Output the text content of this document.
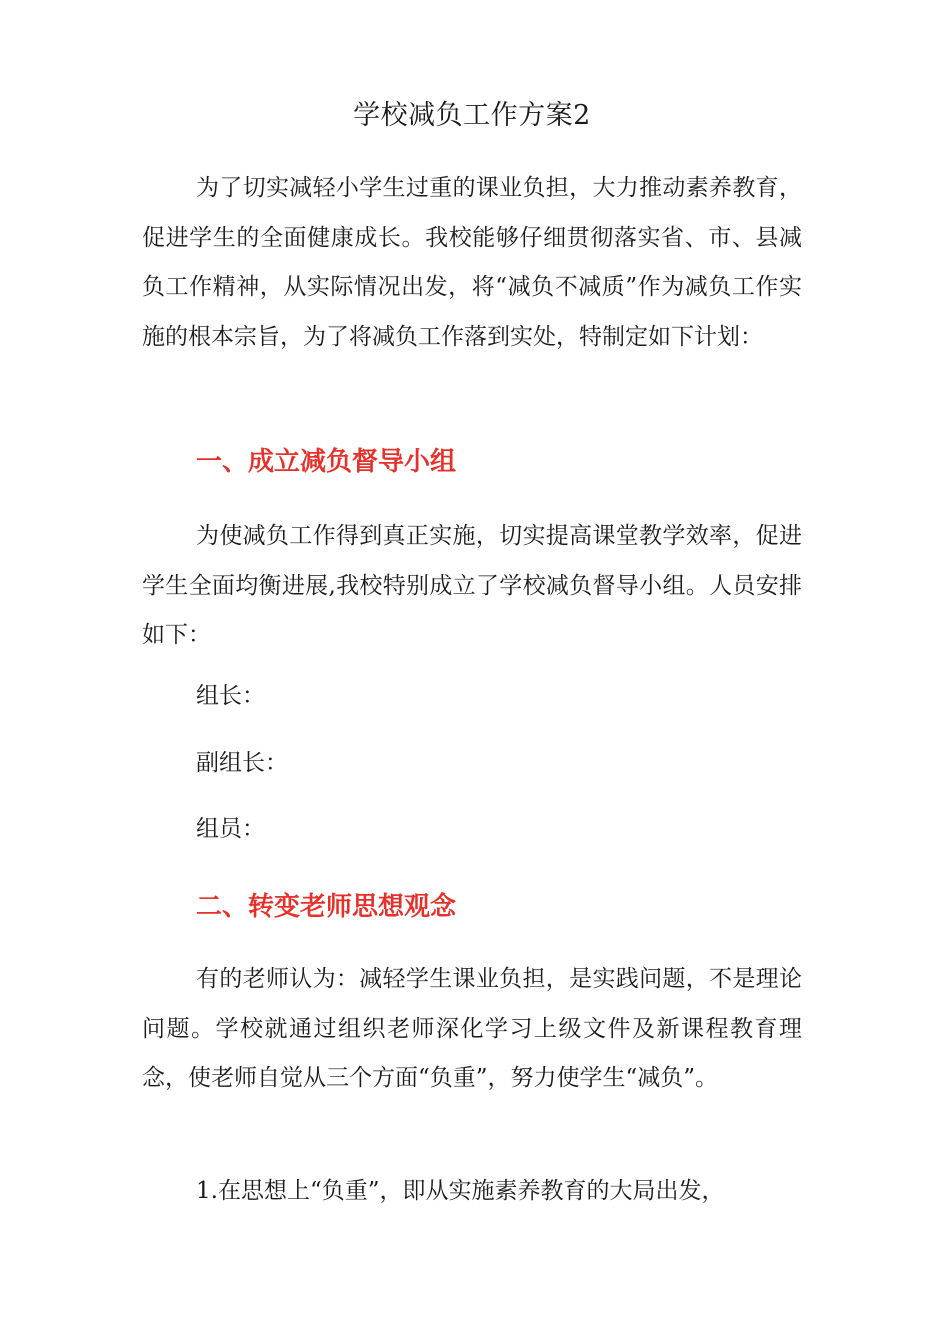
学校减负工作方案2

为了切实减轻小学生过重的课业负担，大力推动素养教育，促进学生的全面健康成长。我校能够仔细贯彻落实省、市、县减负工作精神，从实际情况出发，将“减负不减质”作为减负工作实施的根本宗旨，为了将减负工作落到实处，特制定如下计划：

一、成立减负督导小组

为使减负工作得到真正实施，切实提高课堂教学效率，促进学生全面均衡进展,我校特别成立了学校减负督导小组。人员安排如下：

组长：

副组长：

组员：

二、转变老师思想观念

有的老师认为：减轻学生课业负担，是实践问题，不是理论问题。学校就通过组织老师深化学习上级文件及新课程教育理念，使老师自觉从三个方面“负重”，努力使学生“减负”。

1.在思想上“负重”，即从实施素养教育的大局出发，
